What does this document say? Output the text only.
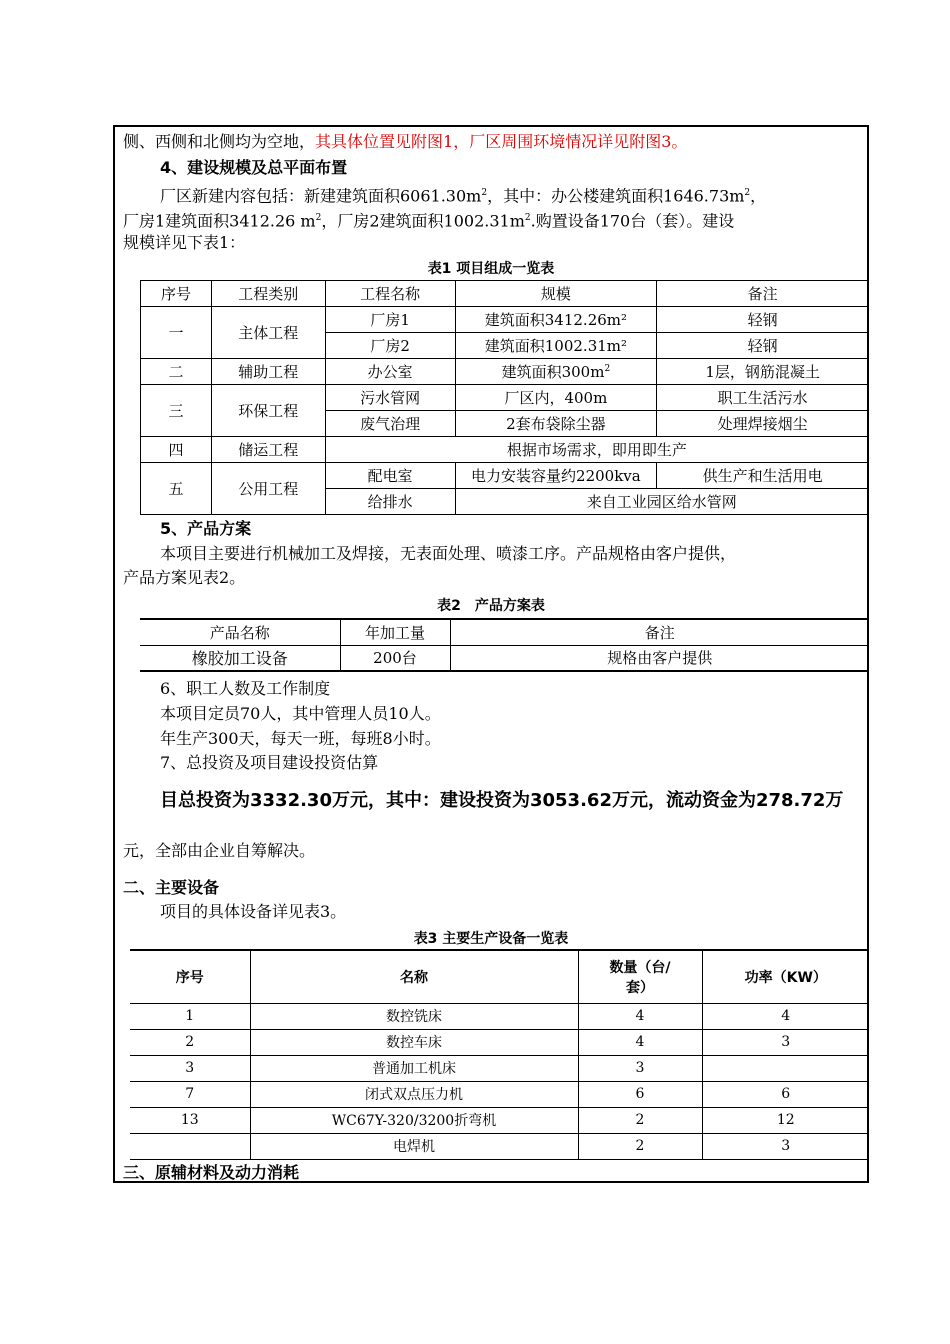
侧、西侧和北侧均为空地，其具体位置见附图1，厂区周围环境情况详见附图3。
4、建设规模及总平面布置
厂区新建内容包括：新建建筑面积$6061.30m^2$，其中：办公楼建筑面积$1646.73m^2$，
厂房1建筑面积3412.26 $m^2$，厂房2建筑面积$1002.31m^2$.购置设备170台（套）。建设
规模详见下表1：
表1 项目组成一览表
序号	工程类别	工程名称	规模	备注
一	主体工程	厂房1	建筑面积3412.26m²	轻钢
		厂房2	建筑面积1002.31m²	轻钢
二	辅助工程	办公室	建筑面积$300m^2$	1层，钢筋混凝土
三	环保工程	污水管网	厂区内，400m	职工生活污水
		废气治理	2套布袋除尘器	处理焊接烟尘
四	储运工程	根据市场需求，即用即生产		
五	公用工程	配电室	电力安装容量约2200kva	供生产和生活用电
		给排水	来自工业园区给水管网	
5、产品方案
本项目主要进行机械加工及焊接，无表面处理、喷漆工序。产品规格由客户提供，
产品方案见表2。
表2　产品方案表
产品名称	年加工量	备注
橡胶加工设备	200台	规格由客户提供
6、职工人数及工作制度
本项目定员70人，其中管理人员10人。
年生产300天，每天一班，每班8小时。
7、总投资及项目建设投资估算
目总投资为3332.30万元，其中：建设投资为3053.62万元，流动资金为278.72万
元，全部由企业自筹解决。
二、主要设备
项目的具体设备详见表3。
表3 主要生产设备一览表
序号	名称	数量（台/
套）	功率（KW）
1	数控铣床	4	4
2	数控车床	4	3
3	普通加工机床	3	
7	闭式双点压力机	6	6
13	WC67Y-320/3200折弯机	2	12
	电焊机	2	3
三、原辅材料及动力消耗
